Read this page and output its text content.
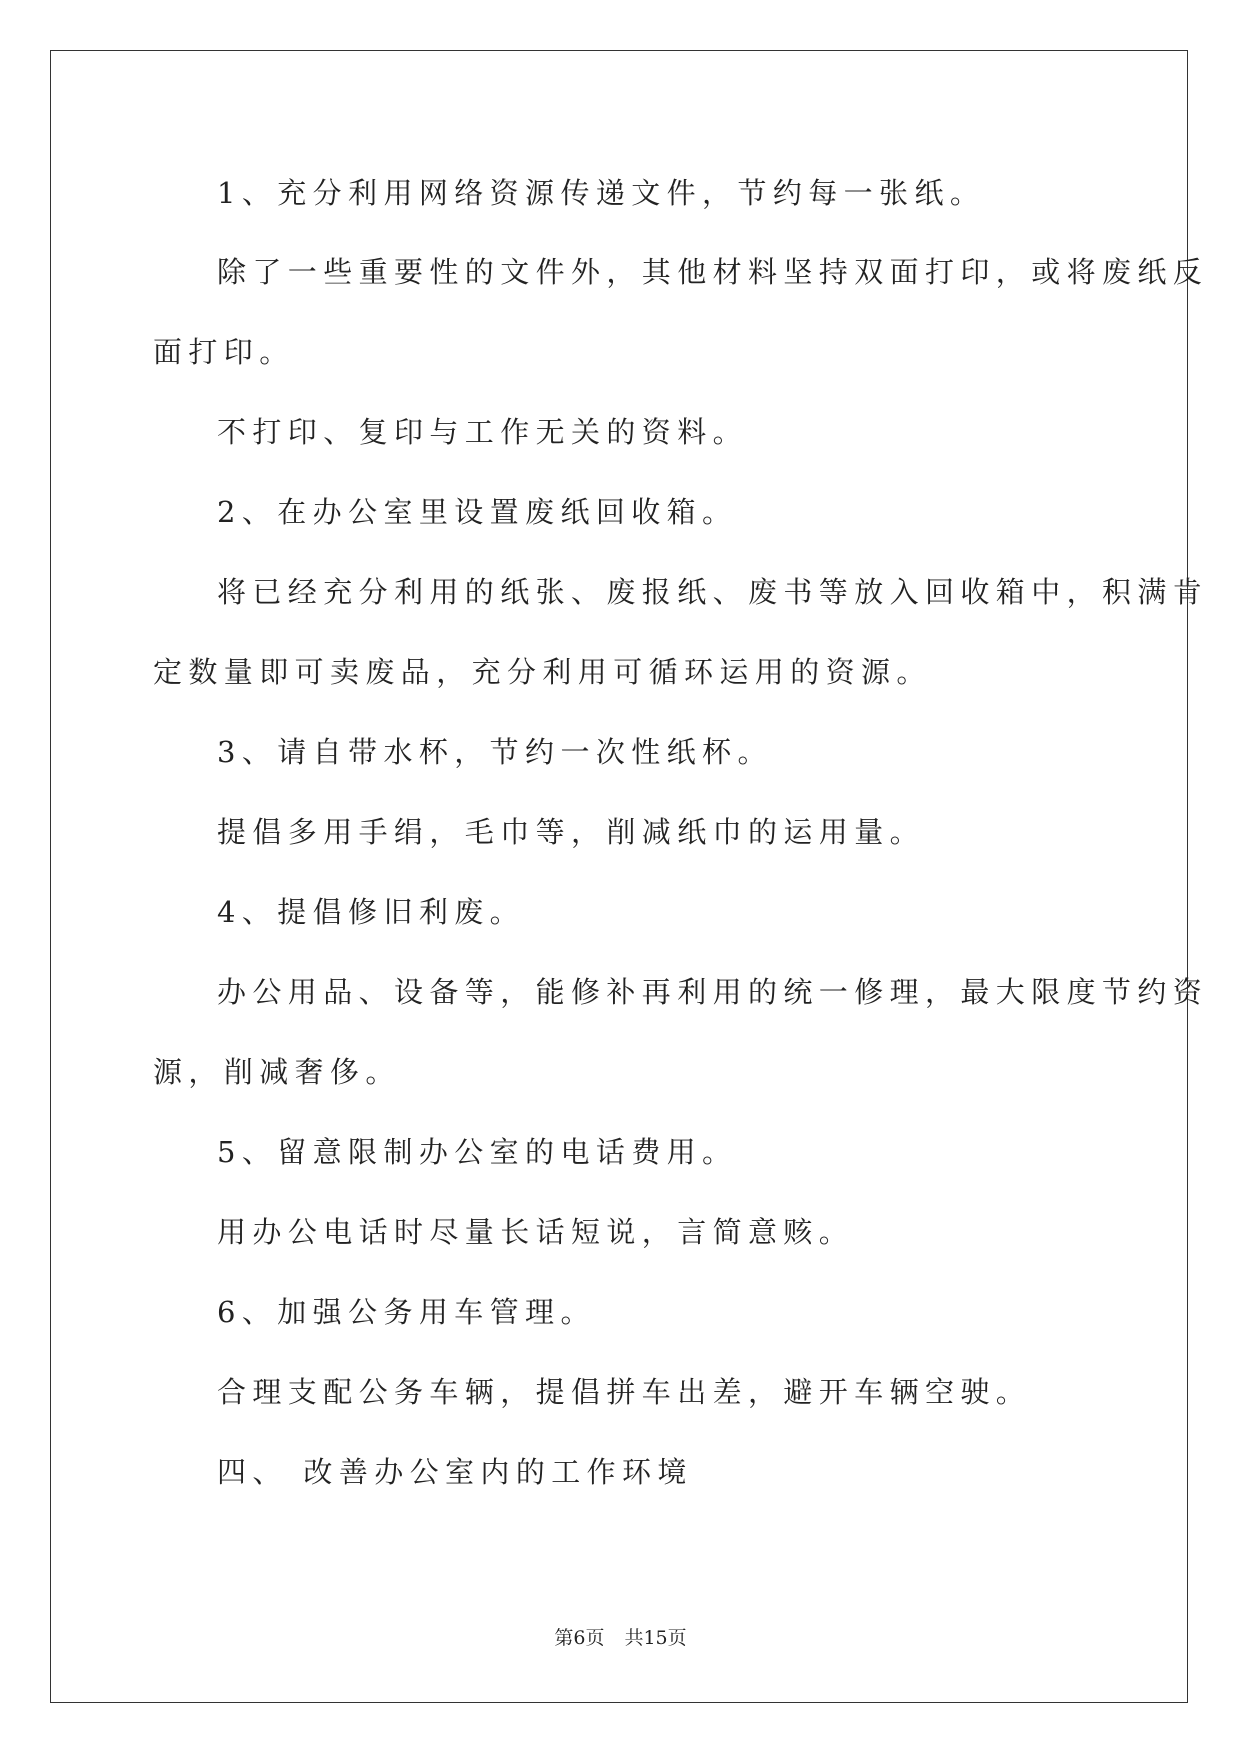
1、充分利用网络资源传递文件，节约每一张纸。
除了一些重要性的文件外，其他材料坚持双面打印，或将废纸反
面打印。
不打印、复印与工作无关的资料。
2、在办公室里设置废纸回收箱。
将已经充分利用的纸张、废报纸、废书等放入回收箱中，积满肯
定数量即可卖废品，充分利用可循环运用的资源。
3、请自带水杯，节约一次性纸杯。
提倡多用手绢，毛巾等，削减纸巾的运用量。
4、提倡修旧利废。
办公用品、设备等，能修补再利用的统一修理，最大限度节约资
源，削减奢侈。
5、留意限制办公室的电话费用。
用办公电话时尽量长话短说，言简意赅。
6、加强公务用车管理。
合理支配公务车辆，提倡拼车出差，避开车辆空驶。
四、 改善办公室内的工作环境
第6页 共15页
